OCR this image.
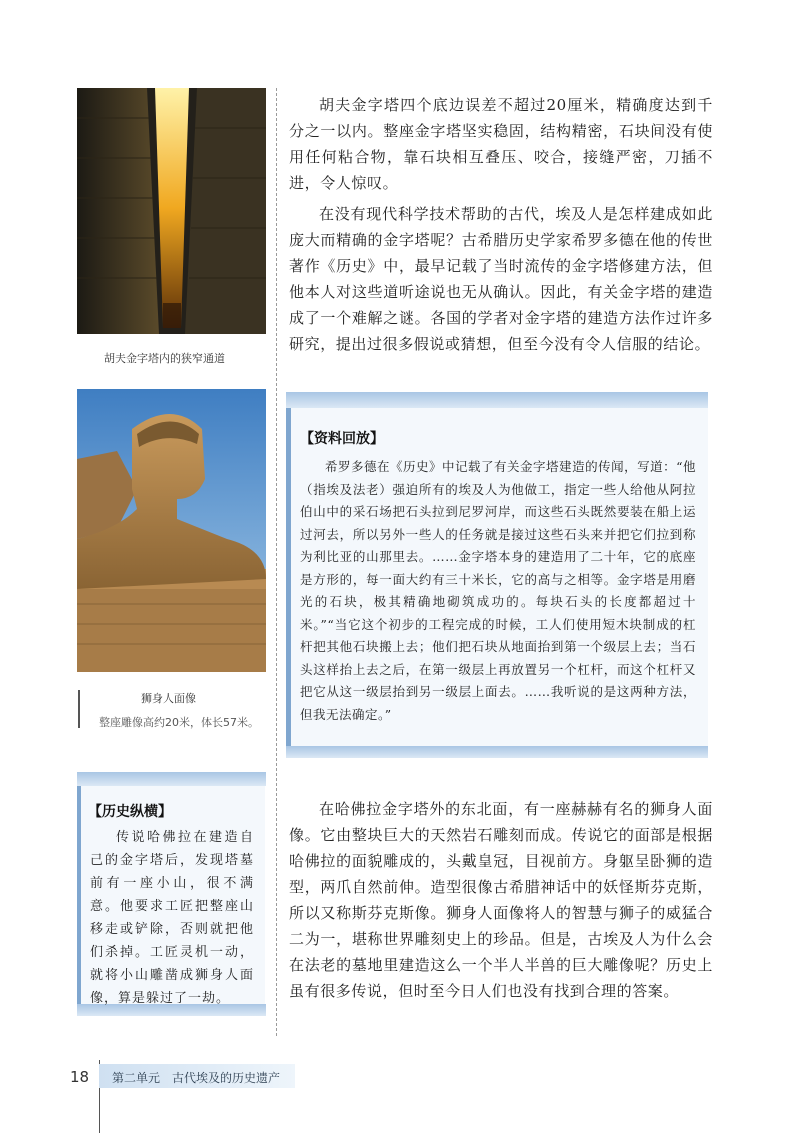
胡夫金字塔内的狭窄通道
狮身人面像
整座雕像高约20米，体长57米。

胡夫金字塔四个底边误差不超过20厘米，精确度达到千分之一以内。整座金字塔坚实稳固，结构精密，石块间没有使用任何粘合物，靠石块相互叠压、咬合，接缝严密，刀插不进，令人惊叹。

在没有现代科学技术帮助的古代，埃及人是怎样建成如此庞大而精确的金字塔呢？古希腊历史学家希罗多德在他的传世著作《历史》中，最早记载了当时流传的金字塔修建方法，但他本人对这些道听途说也无从确认。因此，有关金字塔的建造成了一个难解之谜。各国的学者对金字塔的建造方法作过许多研究，提出过很多假说或猜想，但至今没有令人信服的结论。

【资料回放】

希罗多德在《历史》中记载了有关金字塔建造的传闻，写道：“他（指埃及法老）强迫所有的埃及人为他做工，指定一些人给他从阿拉伯山中的采石场把石头拉到尼罗河岸，而这些石头既然要装在船上运过河去，所以另外一些人的任务就是接过这些石头来并把它们拉到称为利比亚的山那里去。……金字塔本身的建造用了二十年，它的底座是方形的，每一面大约有三十米长，它的高与之相等。金字塔是用磨光的石块，极其精确地砌筑成功的。每块石头的长度都超过十米。”“当它这个初步的工程完成的时候，工人们使用短木块制成的杠杆把其他石块搬上去；他们把石块从地面抬到第一个级层上去；当石头这样抬上去之后，在第一级层上再放置另一个杠杆，而这个杠杆又把它从这一级层抬到另一级层上面去。……我听说的是这两种方法，但我无法确定。”

【历史纵横】

传说哈佛拉在建造自己的金字塔后，发现塔墓前有一座小山，很不满意。他要求工匠把整座山移走或铲除，否则就把他们杀掉。工匠灵机一动，就将小山雕凿成狮身人面像，算是躲过了一劫。

在哈佛拉金字塔外的东北面，有一座赫赫有名的狮身人面像。它由整块巨大的天然岩石雕刻而成。传说它的面部是根据哈佛拉的面貌雕成的，头戴皇冠，目视前方。身躯呈卧狮的造型，两爪自然前伸。造型很像古希腊神话中的妖怪斯芬克斯，所以又称斯芬克斯像。狮身人面像将人的智慧与狮子的威猛合二为一，堪称世界雕刻史上的珍品。但是，古埃及人为什么会在法老的墓地里建造这么一个半人半兽的巨大雕像呢？历史上虽有很多传说，但时至今日人们也没有找到合理的答案。

18 第二单元　古代埃及的历史遗产
